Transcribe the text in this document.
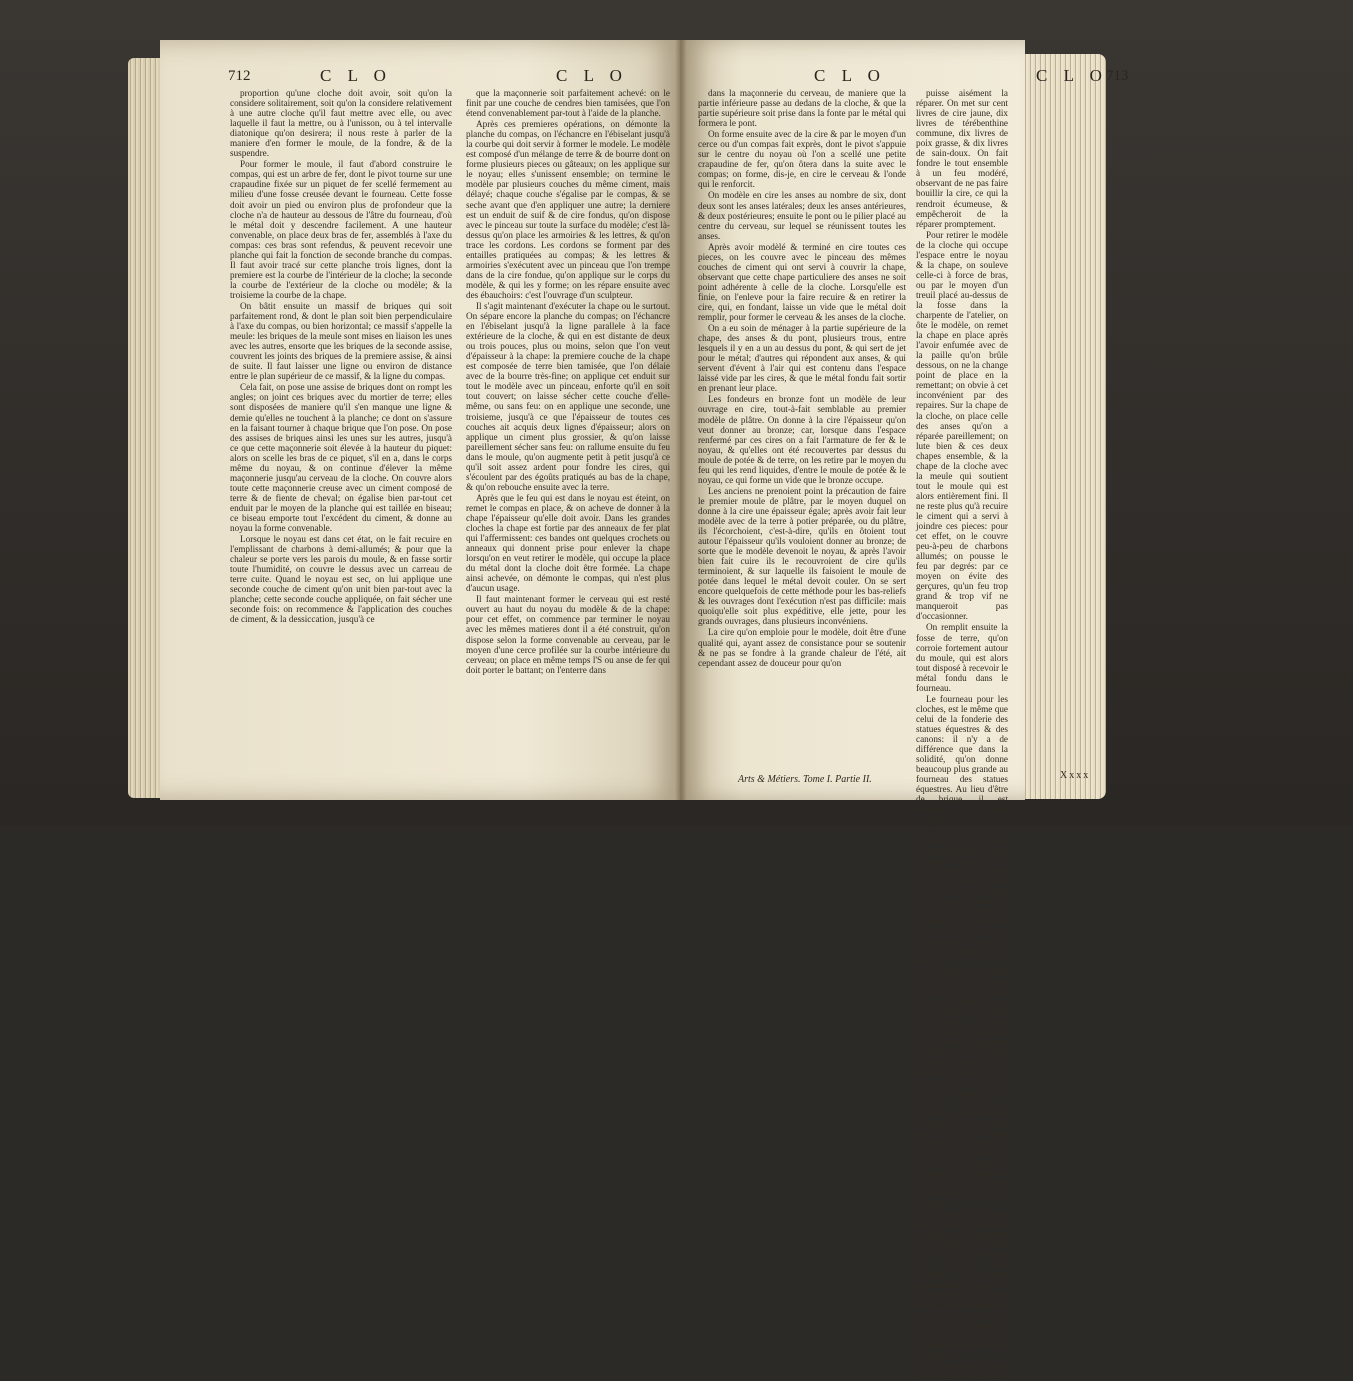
712	C L O	C L O	C L O	C L O
713

proportion qu'une cloche doit avoir, soit qu'on la considere solitairement, soit qu'on la considere relativement à une autre cloche qu'il faut mettre avec elle, ou avec laquelle il faut la mettre, ou à l'unisson, ou à tel intervalle diatonique qu'on desirera; il nous reste à parler de la maniere d'en former le moule, de la fondre, & de la suspendre.

Pour former le moule, il faut d'abord construire le compas, qui est un arbre de fer, dont le pivot tourne sur une crapaudine fixée sur un piquet de fer scellé fermement au milieu d'une fosse creusée devant le fourneau. Cette fosse doit avoir un pied ou environ plus de profondeur que la cloche n'a de hauteur au dessous de l'âtre du fourneau, d'où le métal doit y descendre facilement. A une hauteur convenable, on place deux bras de fer, assemblés à l'axe du compas: ces bras sont refendus, & peuvent recevoir une planche qui fait la fonction de seconde branche du compas. Il faut avoir tracé sur cette planche trois lignes, dont la premiere est la courbe de l'intérieur de la cloche; la seconde la courbe de l'extérieur de la cloche ou modèle; & la troisieme la courbe de la chape.

On bâtit ensuite un massif de briques qui soit parfaitement rond, & dont le plan soit bien perpendiculaire à l'axe du compas, ou bien horizontal; ce massif s'appelle la meule: les briques de la meule sont mises en liaison les unes avec les autres, ensorte que les briques de la seconde assise, couvrent les joints des briques de la premiere assise, & ainsi de suite. Il faut laisser une ligne ou environ de distance entre le plan supérieur de ce massif, & la ligne du compas.

Cela fait, on pose une assise de briques dont on rompt les angles; on joint ces briques avec du mortier de terre; elles sont disposées de maniere qu'il s'en manque une ligne & demie qu'elles ne touchent à la planche; ce dont on s'assure en la faisant tourner à chaque brique que l'on pose. On pose des assises de briques ainsi les unes sur les autres, jusqu'à ce que cette maçonnerie soit élevée à la hauteur du piquet: alors on scelle les bras de ce piquet, s'il en a, dans le corps même du noyau, & on continue d'élever la même maçonnerie jusqu'au cerveau de la cloche. On couvre alors toute cette maçonnerie creuse avec un ciment composé de terre & de fiente de cheval; on égalise bien par-tout cet enduit par le moyen de la planche qui est taillée en biseau; ce biseau emporte tout l'excédent du ciment, & donne au noyau la forme convenable.

Lorsque le noyau est dans cet état, on le fait recuire en l'emplissant de charbons à demi-allumés; & pour que la chaleur se porte vers les parois du moule, & en fasse sortir toute l'humidité, on couvre le dessus avec un carreau de terre cuite. Quand le noyau est sec, on lui applique une seconde couche de ciment qu'on unit bien par-tout avec la planche; cette seconde couche appliquée, on fait sécher une seconde fois: on recommence & l'application des couches de ciment, & la dessiccation, jusqu'à ce

que la maçonnerie soit parfaitement achevé: on le finit par une couche de cendres bien tamisées, que l'on étend convenablement par-tout à l'aide de la planche.

Après ces premieres opérations, on démonte la planche du compas, on l'échancre en l'ébiselant jusqu'à la courbe qui doit servir à former le modele. Le modèle est composé d'un mélange de terre & de bourre dont on forme plusieurs pieces ou gâteaux; on les applique sur le noyau; elles s'unissent ensemble; on termine le modèle par plusieurs couches du même ciment, mais délayé; chaque couche s'égalise par le compas, & se seche avant que d'en appliquer une autre; la derniere est un enduit de suif & de cire fondus, qu'on dispose avec le pinceau sur toute la surface du modèle; c'est là-dessus qu'on place les armoiries & les lettres, & qu'on trace les cordons. Les cordons se forment par des entailles pratiquées au compas; & les lettres & armoiries s'exécutent avec un pinceau que l'on trempe dans de la cire fondue, qu'on applique sur le corps du modèle, & qui les y forme; on les répare ensuite avec des ébauchoirs: c'est l'ouvrage d'un sculpteur.

Il s'agit maintenant d'exécuter la chape ou le surtout. On sépare encore la planche du compas; on l'échancre en l'ébiselant jusqu'à la ligne parallele à la face extérieure de la cloche, & qui en est distante de deux ou trois pouces, plus ou moins, selon que l'on veut d'épaisseur à la chape: la premiere couche de la chape est composée de terre bien tamisée, que l'on délaie avec de la bourre très-fine; on applique cet enduit sur tout le modèle avec un pinceau, enforte qu'il en soit tout couvert; on laisse sécher cette couche d'elle-même, ou sans feu: on en applique une seconde, une troisieme, jusqu'à ce que l'épaisseur de toutes ces couches ait acquis deux lignes d'épaisseur; alors on applique un ciment plus grossier, & qu'on laisse pareillement sécher sans feu: on rallume ensuite du feu dans le moule, qu'on augmente petit à petit jusqu'à ce qu'il soit assez ardent pour fondre les cires, qui s'écoulent par des égoûts pratiqués au bas de la chape, & qu'on rebouche ensuite avec la terre.

Après que le feu qui est dans le noyau est éteint, on remet le compas en place, & on acheve de donner à la chape l'épaisseur qu'elle doit avoir. Dans les grandes cloches la chape est fortie par des anneaux de fer plat qui l'affermissent: ces bandes ont quelques crochets ou anneaux qui donnent prise pour enlever la chape lorsqu'on en veut retirer le modèle, qui occupe la place du métal dont la cloche doit être formée. La chape ainsi achevée, on démonte le compas, qui n'est plus d'aucun usage.

Il faut maintenant former le cerveau qui est resté ouvert au haut du noyau du modèle & de la chape: pour cet effet, on commence par terminer le noyau avec les mêmes matieres dont il a été construit, qu'on dispose selon la forme convenable au cerveau, par le moyen d'une cerce profilée sur la courbe intérieure du cerveau; on place en même temps l'S ou anse de fer qui doit porter le battant; on l'enterre dans

dans la maçonnerie du cerveau, de maniere que la partie inférieure passe au dedans de la cloche, & que la partie supérieure soit prise dans la fonte par le métal qui formera le pont.

On forme ensuite avec de la cire & par le moyen d'un cerce ou d'un compas fait exprès, dont le pivot s'appuie sur le centre du noyau où l'on a scellé une petite crapaudine de fer, qu'on ôtera dans la suite avec le compas; on forme, dis-je, en cire le cerveau & l'onde qui le renforcit.

On modèle en cire les anses au nombre de six, dont deux sont les anses latérales; deux les anses antérieures, & deux postérieures; ensuite le pont ou le pilier placé au centre du cerveau, sur lequel se réunissent toutes les anses.

Après avoir modèlé & terminé en cire toutes ces pieces, on les couvre avec le pinceau des mêmes couches de ciment qui ont servi à couvrir la chape, observant que cette chape particuliere des anses ne soit point adhérente à celle de la cloche. Lorsqu'elle est finie, on l'enleve pour la faire recuire & en retirer la cire, qui, en fondant, laisse un vide que le métal doit remplir, pour former le cerveau & les anses de la cloche.

On a eu soin de ménager à la partie supérieure de la chape, des anses & du pont, plusieurs trous, entre lesquels il y en a un au dessus du pont, & qui sert de jet pour le métal; d'autres qui répondent aux anses, & qui servent d'évent à l'air qui est contenu dans l'espace laissé vide par les cires, & que le métal fondu fait sortir en prenant leur place.

Les fondeurs en bronze font un modèle de leur ouvrage en cire, tout-à-fait semblable au premier modèle de plâtre. On donne à la cire l'épaisseur qu'on veut donner au bronze; car, lorsque dans l'espace renfermé par ces cires on a fait l'armature de fer & le noyau, & qu'elles ont été recouvertes par dessus du moule de potée & de terre, on les retire par le moyen du feu qui les rend liquides, d'entre le moule de potée & le noyau, ce qui forme un vide que le bronze occupe.

Les anciens ne prenoient point la précaution de faire le premier moule de plâtre, par le moyen duquel on donne à la cire une épaisseur égale; après avoir fait leur modèle avec de la terre à potier préparée, ou du plâtre, ils l'écorchoient, c'est-à-dire, qu'ils en ôtoient tout autour l'épaisseur qu'ils vouloient donner au bronze; de sorte que le modèle devenoit le noyau, & après l'avoir bien fait cuire ils le recouvroient de cire qu'ils terminoient, & sur laquelle ils faisoient le moule de potée dans lequel le métal devoit couler. On se sert encore quelquefois de cette méthode pour les bas-reliefs & les ouvrages dont l'exécution n'est pas difficile: mais quoiqu'elle soit plus expéditive, elle jette, pour les grands ouvrages, dans plusieurs inconvéniens.

La cire qu'on emploie pour le modèle, doit être d'une qualité qui, ayant assez de consistance pour se soutenir & ne pas se fondre à la grande chaleur de l'été, ait cependant assez de douceur pour qu'on

puisse aisément la réparer. On met sur cent livres de cire jaune, dix livres de térébenthine commune, dix livres de poix grasse, & dix livres de sain-doux. On fait fondre le tout ensemble à un feu modéré, observant de ne pas faire bouillir la cire, ce qui la rendroit écumeuse, & empêcheroit de la réparer promptement.

Pour retirer le modèle de la cloche qui occupe l'espace entre le noyau & la chape, on souleve celle-ci à force de bras, ou par le moyen d'un treuil placé au-dessus de la fosse dans la charpente de l'atelier, on ôte le modèle, on remet la chape en place après l'avoir enfumée avec de la paille qu'on brûle dessous, on ne la change point de place en la remettant; on obvie à cet inconvénient par des repaires. Sur la chape de la cloche, on place celle des anses qu'on a réparée pareillement; on lute bien & ces deux chapes ensemble, & la chape de la cloche avec la meule qui soutient tout le moule qui est alors entièrement fini. Il ne reste plus qu'à recuire le ciment qui a servi à joindre ces pieces: pour cet effet, on le couvre peu-à-peu de charbons allumés; on pousse le feu par degrés: par ce moyen on évite des gerçures, qu'un feu trop grand & trop vif ne manqueroit pas d'occasionner.

On remplit ensuite la fosse de terre, qu'on corroie fortement autour du moule, qui est alors tout disposé à recevoir le métal fondu dans le fourneau.

Le fourneau pour les cloches, est le même que celui de la fonderie des statues équestres & des canons: il n'y a de différence que dans la solidité, qu'on donne beaucoup plus grande au fourneau des statues équestres. Au lieu d'être de brique, il est seulement de terre corroyée.

Quant à la composition, dont nous avons déja parlé, la plus parfaite, dit-on, est de trois parties de cuivre rouge, & d'une partie d'étain fin. On ne met l'étain que quand le cuivre est en fusion, & qu'après avoir été épuré de ses crasses, peu de temps avant que de couler le métal dans le moule.

Le métal est conduit par un canal de terre recuite dans le godet placé au-dessus du moule, d'où il se répand dans tout le vide qu'occupoit le modèle, dont il prend exactement la forme. On le laisse refroidir; quand il est à-peu-près froid, on déterre le moule, on brise la chape, & la cloche paroît à découvert; on l'enleve de la fosse par le moyen du treuil, qui a servi auparavant à enlever la chape; on la nettoie en dedans & en dehors; on la bénit; on y attache le battant, & on la suspend au mouton qui lui est destiné.

La quantité de métal que l'on met au fourneau se règle sur la grosseur de la cloche à fondre; mais il en faut avoir plus que moins, pour prévenir les pertes accidentelles qui ont quelquefois fait manquer des fontes considérables. On ne risque rien d'en fondre un dixieme de plus que le poids qu'on se propose de donner à la cloche.

La proportion de trois parties de cuivre sur une

Arts & Métiers. Tome I. Partie II.	Xxxx
